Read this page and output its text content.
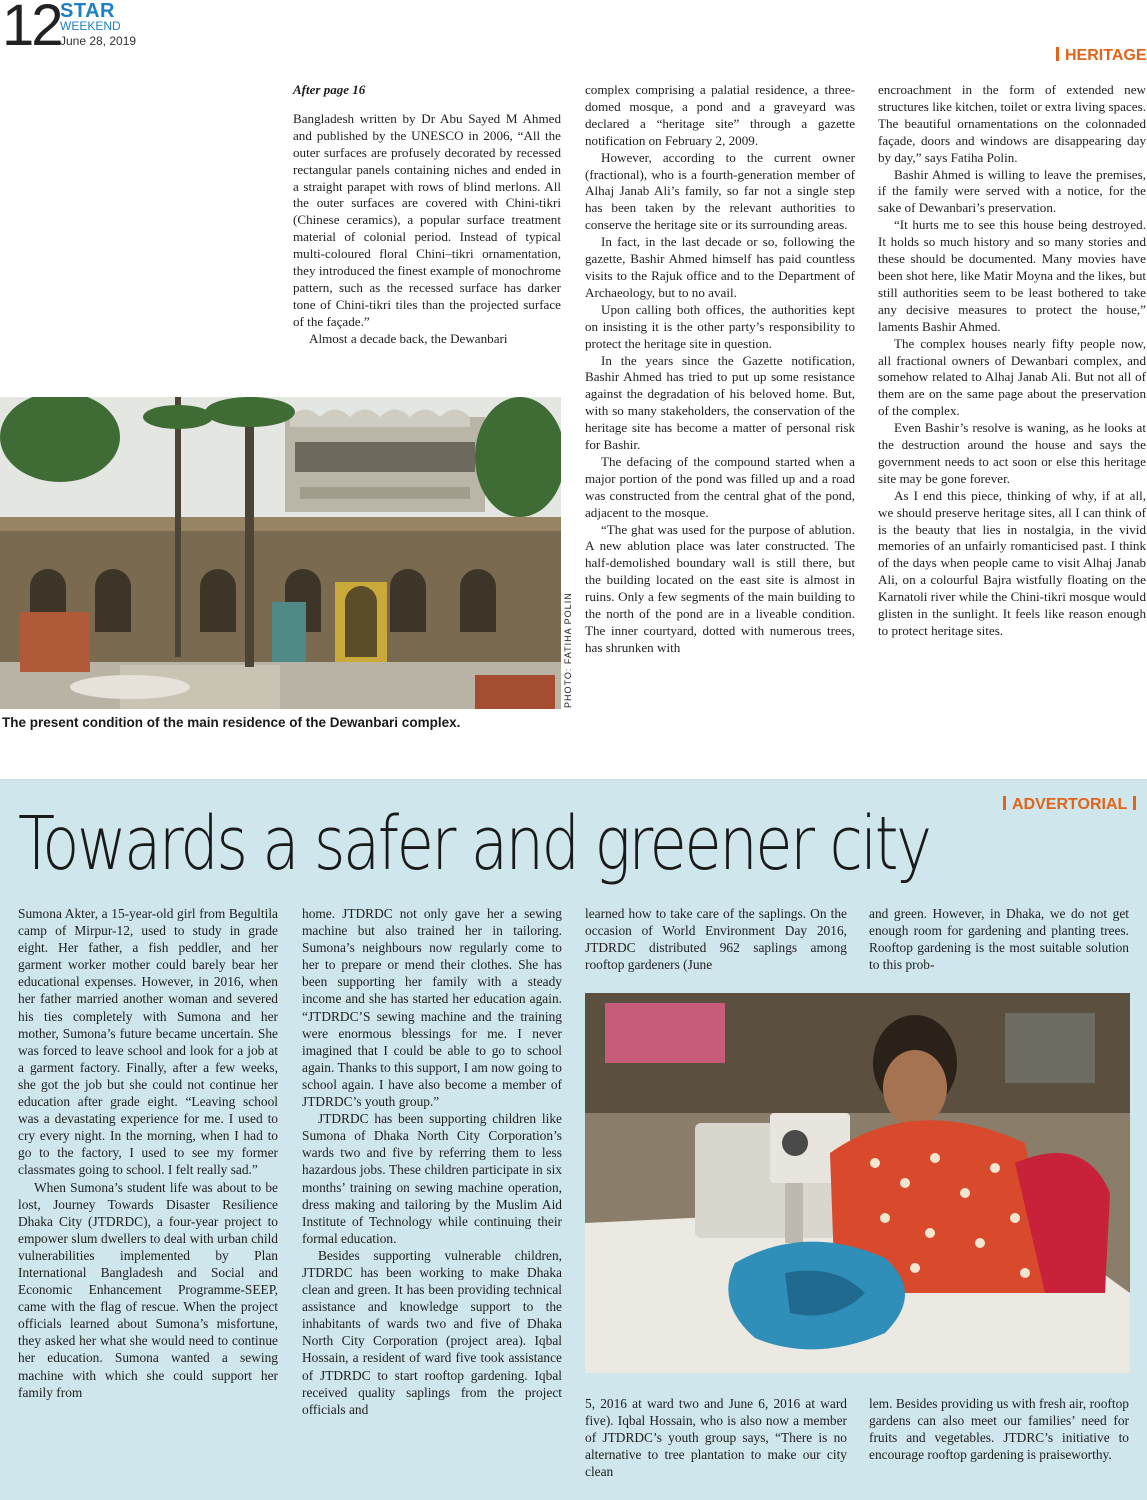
12 STAR
WEEKEND
June 28, 2019
HERITAGE

After page 16

Bangladesh written by Dr Abu Sayed M Ahmed and published by the UNESCO in 2006, “All the outer surfaces are profusely decorated by recessed rectangular panels containing niches and ended in a straight parapet with rows of blind merlons. All the outer surfaces are covered with Chini-tikri (Chinese ceramics), a popular surface treatment material of colonial period. Instead of typical multi-coloured floral Chini–tikri ornamentation, they introduced the finest example of monochrome pattern, such as the recessed surface has darker tone of Chini-tikri tiles than the projected surface of the façade.”

Almost a decade back, the Dewanbari

complex comprising a palatial residence, a three-domed mosque, a pond and a graveyard was declared a “heritage site” through a gazette notification on February 2, 2009.

However, according to the current owner (fractional), who is a fourth-generation member of Alhaj Janab Ali’s family, so far not a single step has been taken by the relevant authorities to conserve the heritage site or its surrounding areas.

In fact, in the last decade or so, following the gazette, Bashir Ahmed himself has paid countless visits to the Rajuk office and to the Department of Archaeology, but to no avail.

Upon calling both offices, the authorities kept on insisting it is the other party’s responsibility to protect the heritage site in question.

In the years since the Gazette notification, Bashir Ahmed has tried to put up some resistance against the degradation of his beloved home. But, with so many stakeholders, the conservation of the heritage site has become a matter of personal risk for Bashir.

The defacing of the compound started when a major portion of the pond was filled up and a road was constructed from the central ghat of the pond, adjacent to the mosque.

“The ghat was used for the purpose of ablution. A new ablution place was later constructed. The half-demolished boundary wall is still there, but the building located on the east site is almost in ruins. Only a few segments of the main building to the north of the pond are in a liveable condition. The inner courtyard, dotted with numerous trees, has shrunken with

encroachment in the form of extended new structures like kitchen, toilet or extra living spaces. The beautiful ornamentations on the colonnaded façade, doors and windows are disappearing day by day,” says Fatiha Polin.

Bashir Ahmed is willing to leave the premises, if the family were served with a notice, for the sake of Dewanbari’s preservation.

“It hurts me to see this house being destroyed. It holds so much history and so many stories and these should be documented. Many movies have been shot here, like Matir Moyna and the likes, but still authorities seem to be least bothered to take any decisive measures to protect the house,” laments Bashir Ahmed.

The complex houses nearly fifty people now, all fractional owners of Dewanbari complex, and somehow related to Alhaj Janab Ali. But not all of them are on the same page about the preservation of the complex.

Even Bashir’s resolve is waning, as he looks at the destruction around the house and says the government needs to act soon or else this heritage site may be gone forever.

As I end this piece, thinking of why, if at all, we should preserve heritage sites, all I can think of is the beauty that lies in nostalgia, in the vivid memories of an unfairly romanticised past. I think of the days when people came to visit Alhaj Janab Ali, on a colourful Bajra wistfully floating on the Karnatoli river while the Chini-tikri mosque would glisten in the sunlight. It feels like reason enough to protect heritage sites.

PHOTO: FATIHA POLIN
The present condition of the main residence of the Dewanbari complex.
ADVERTORIAL
Towards a safer and greener city

Sumona Akter, a 15-year-old girl from Begultila camp of Mirpur-12, used to study in grade eight. Her father, a fish peddler, and her garment worker mother could barely bear her educational expenses. However, in 2016, when her father married another woman and severed his ties completely with Sumona and her mother, Sumona’s future became uncertain. She was forced to leave school and look for a job at a garment factory. Finally, after a few weeks, she got the job but she could not continue her education after grade eight. “Leaving school was a devastating experience for me. I used to cry every night. In the morning, when I had to go to the factory, I used to see my former classmates going to school. I felt really sad.”

When Sumona’s student life was about to be lost, Journey Towards Disaster Resilience Dhaka City (JTDRDC), a four-year project to empower slum dwellers to deal with urban child vulnerabilities implemented by Plan International Bangladesh and Social and Economic Enhancement Programme-SEEP, came with the flag of rescue. When the project officials learned about Sumona’s misfortune, they asked her what she would need to continue her education. Sumona wanted a sewing machine with which she could support her family from

home. JTDRDC not only gave her a sewing machine but also trained her in tailoring. Sumona’s neighbours now regularly come to her to prepare or mend their clothes. She has been supporting her family with a steady income and she has started her education again. “JTDRDC’S sewing machine and the training were enormous blessings for me. I never imagined that I could be able to go to school again. Thanks to this support, I am now going to school again. I have also become a member of JTDRDC’s youth group.”

JTDRDC has been supporting children like Sumona of Dhaka North City Corporation’s wards two and five by referring them to less hazardous jobs. These children participate in six months’ training on sewing machine operation, dress making and tailoring by the Muslim Aid Institute of Technology while continuing their formal education.

Besides supporting vulnerable children, JTDRDC has been working to make Dhaka clean and green. It has been providing technical assistance and knowledge support to the inhabitants of wards two and five of Dhaka North City Corporation (project area). Iqbal Hossain, a resident of ward five took assistance of JTDRDC to start rooftop gardening. Iqbal received quality saplings from the project officials and

learned how to take care of the saplings. On the occasion of World Environment Day 2016, JTDRDC distributed 962 saplings among rooftop gardeners (June

and green. However, in Dhaka, we do not get enough room for gardening and planting trees. Rooftop gardening is the most suitable solution to this prob-

5, 2016 at ward two and June 6, 2016 at ward five). Iqbal Hossain, who is also now a member of JTDRDC’s youth group says, “There is no alternative to tree plantation to make our city clean

lem. Besides providing us with fresh air, rooftop gardens can also meet our families’ need for fruits and vegetables. JTDRC’s initiative to encourage rooftop gardening is praiseworthy.
